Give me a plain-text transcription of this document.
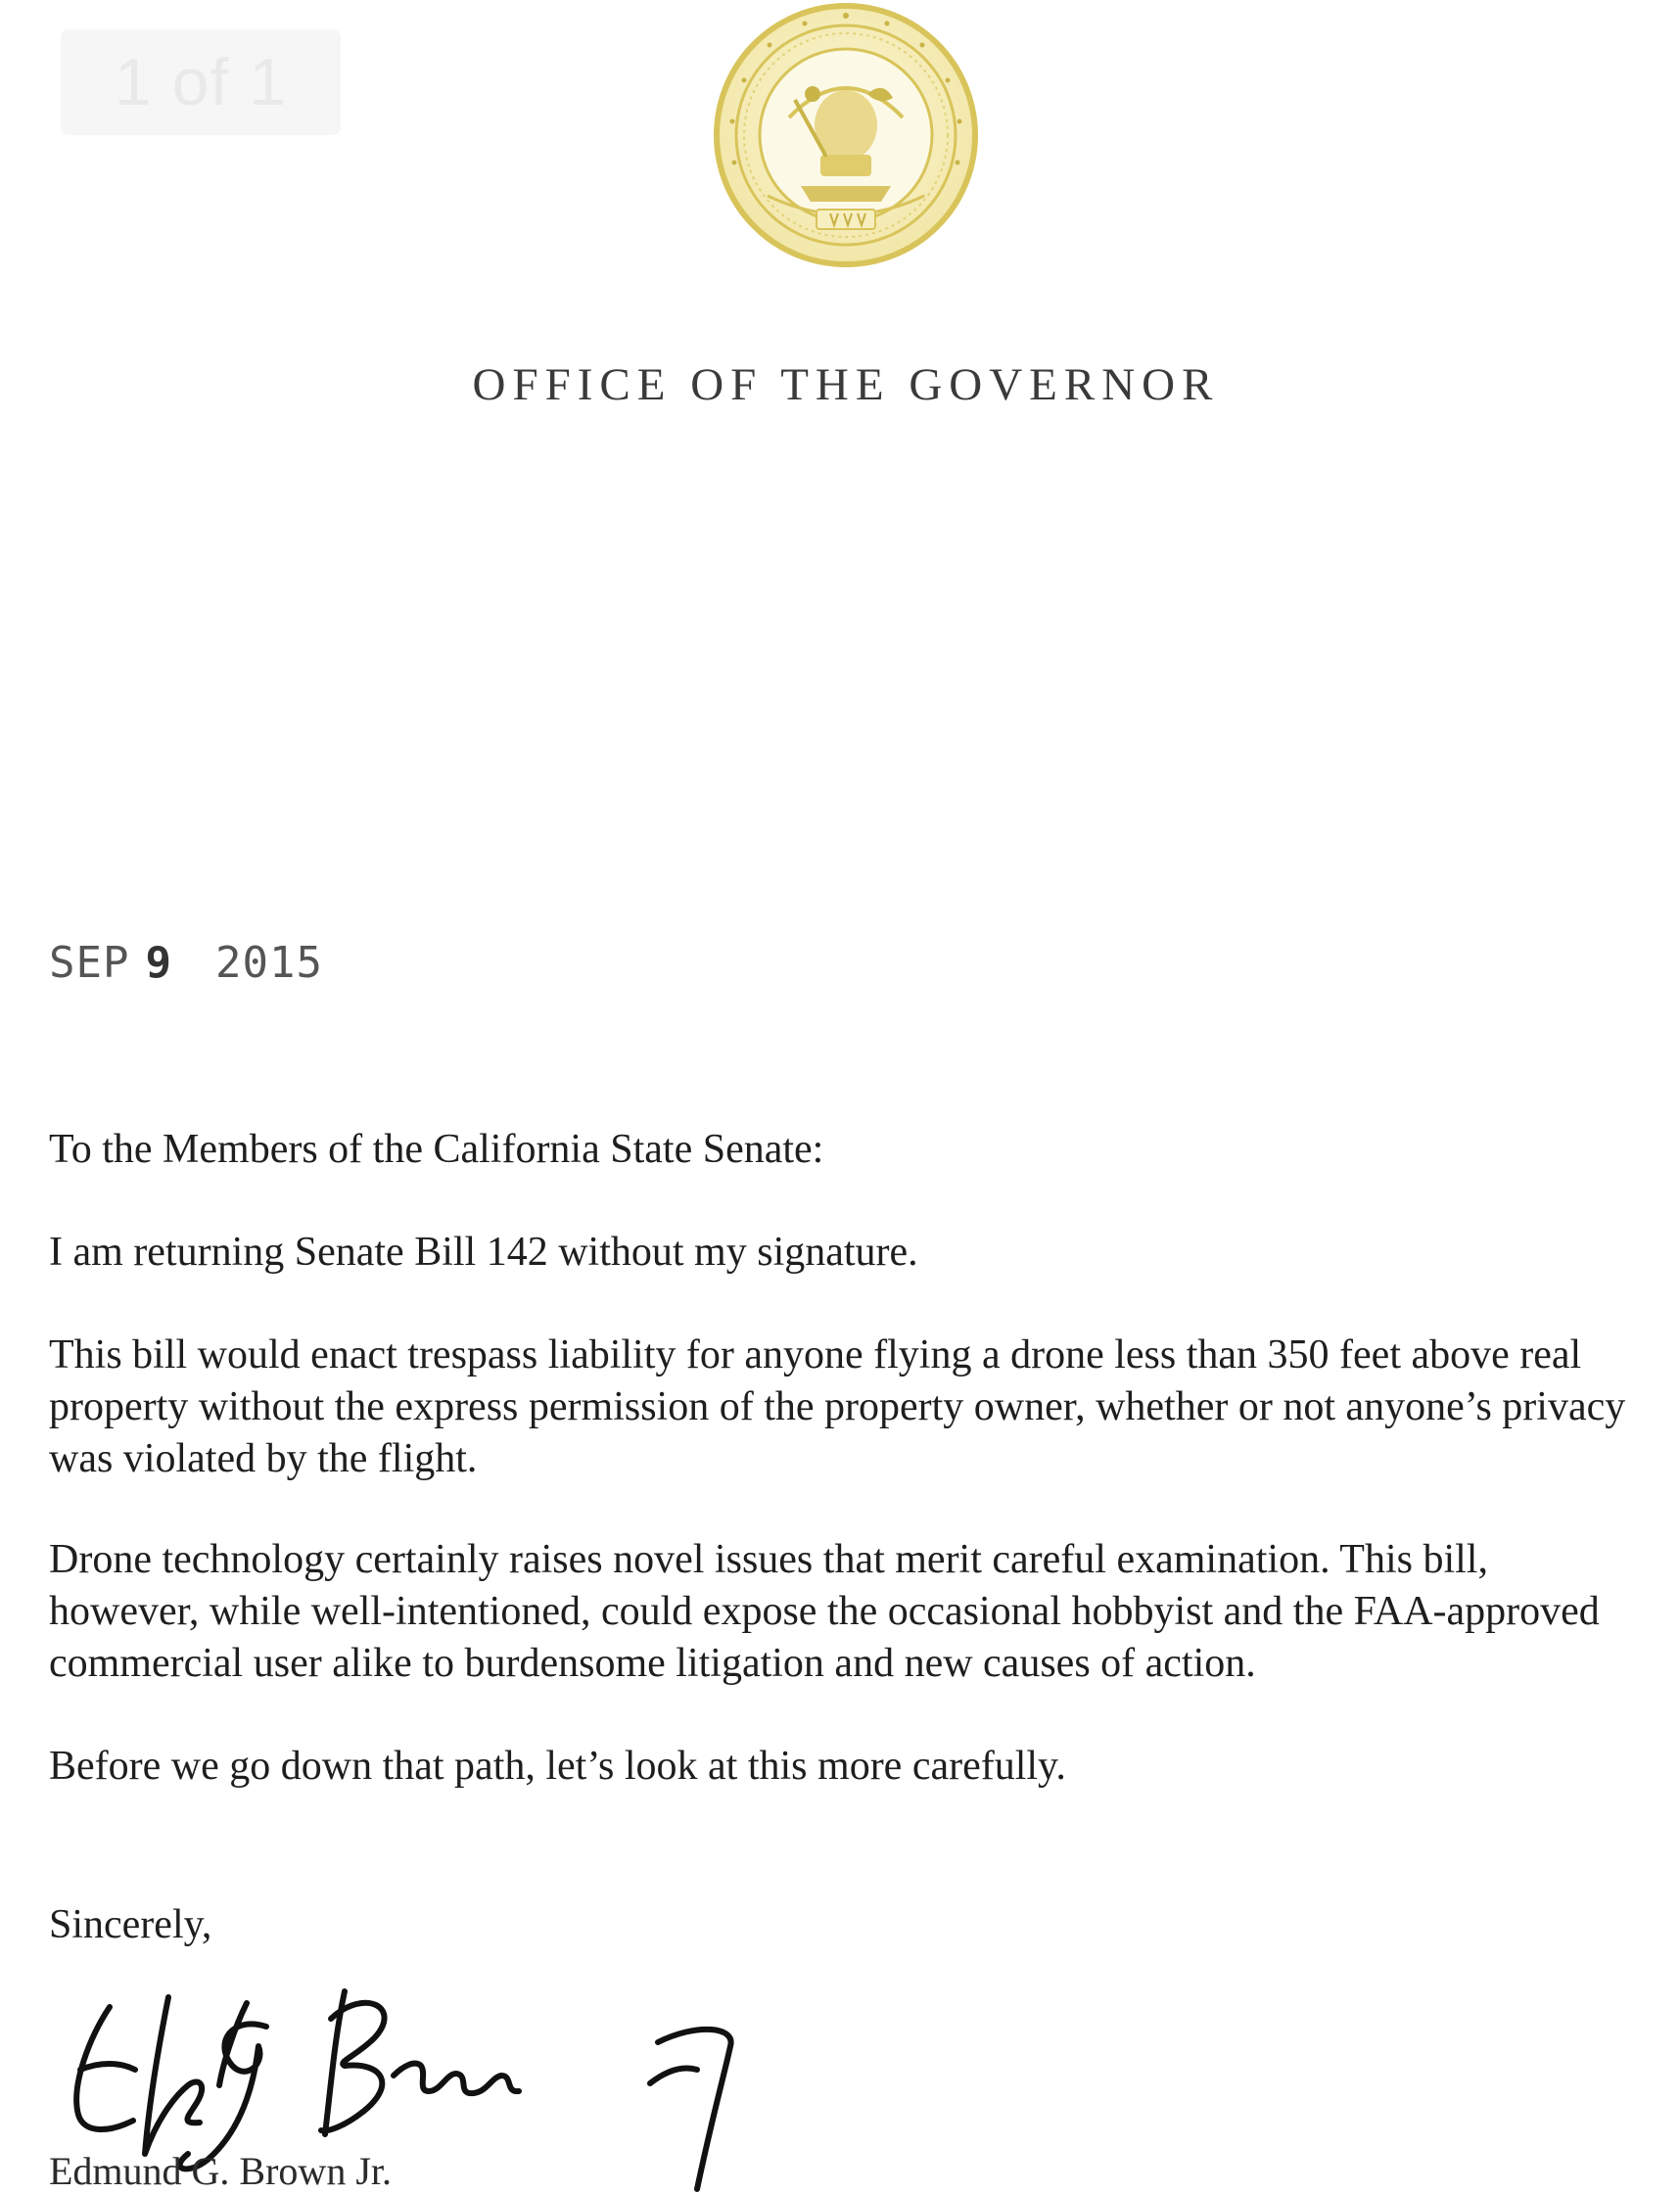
1 of 1
OFFICE OF THE GOVERNOR
SEP 9 2015

To the Members of the California State Senate:

I am returning Senate Bill 142 without my signature.

This bill would enact trespass liability for anyone flying a drone less than 350 feet above real property without the express permission of the property owner, whether or not anyone’s privacy was violated by the flight.

Drone technology certainly raises novel issues that merit careful examination. This bill, however, while well-intentioned, could expose the occasional hobbyist and the FAA-approved commercial user alike to burdensome litigation and new causes of action.

Before we go down that path, let’s look at this more carefully.

Sincerely,

Edmund G. Brown Jr.
